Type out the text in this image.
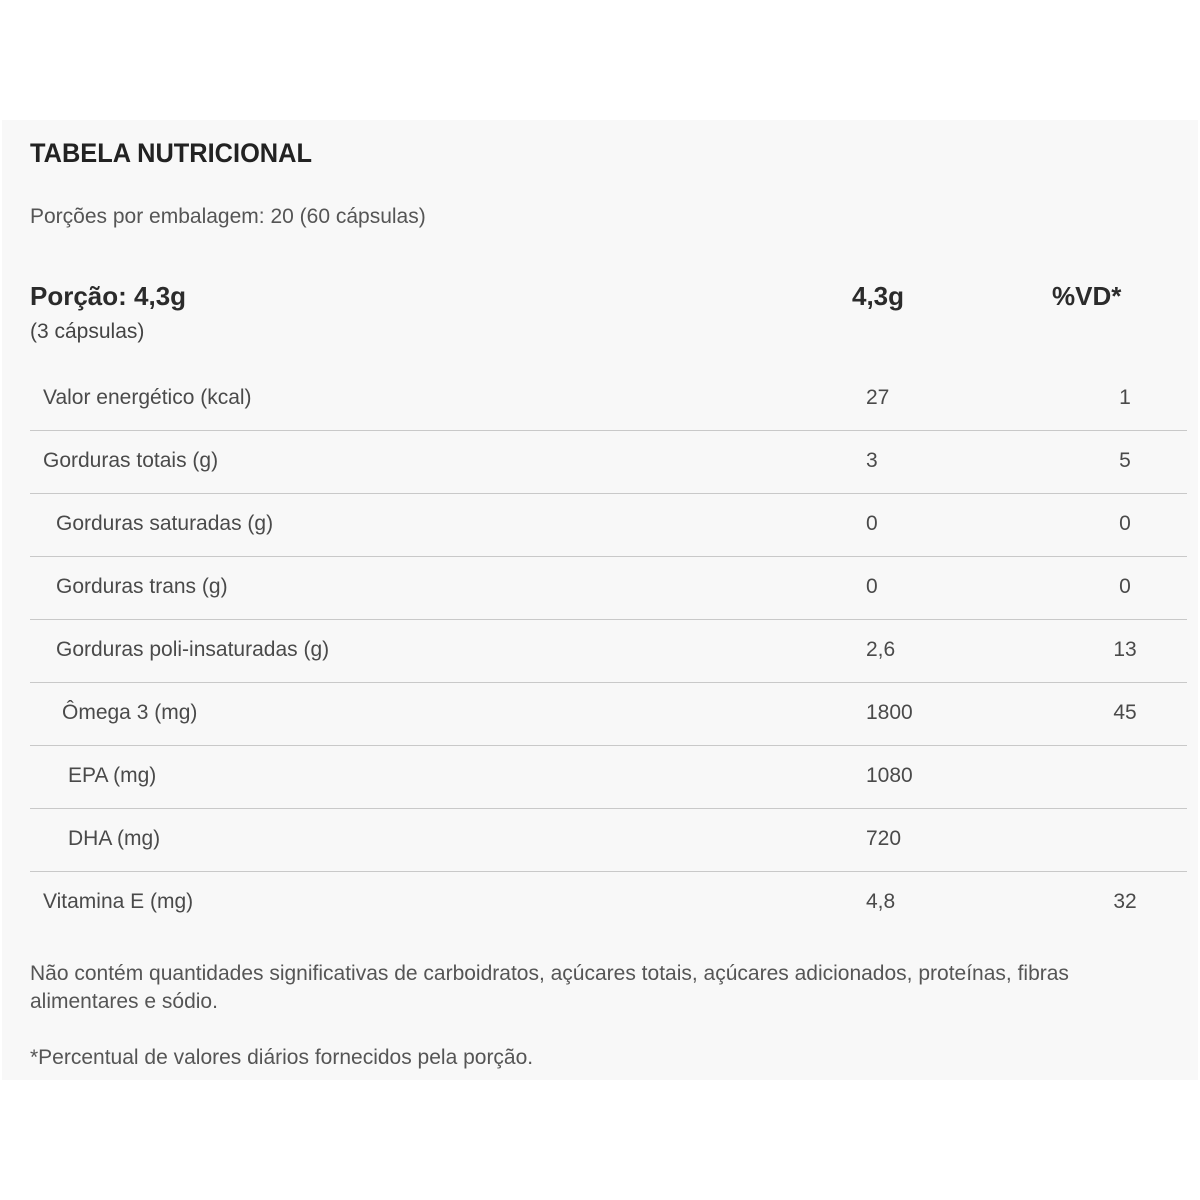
TABELA NUTRICIONAL
Porções por embalagem: 20 (60 cápsulas)
Porção: 4,3g
(3 cápsulas)
4,3g	%VD*
Valor energético (kcal)	27	1
Gorduras totais (g)	3	5
Gorduras saturadas (g)	0	0
Gorduras trans (g)	0	0
Gorduras poli-insaturadas (g)	2,6	13
Ômega 3 (mg)	1800	45
EPA (mg)	1080
DHA (mg)	720
Vitamina E (mg)	4,8	32
Não contém quantidades significativas de carboidratos, açúcares totais, açúcares adicionados, proteínas, fibras alimentares e sódio.
*Percentual de valores diários fornecidos pela porção.
